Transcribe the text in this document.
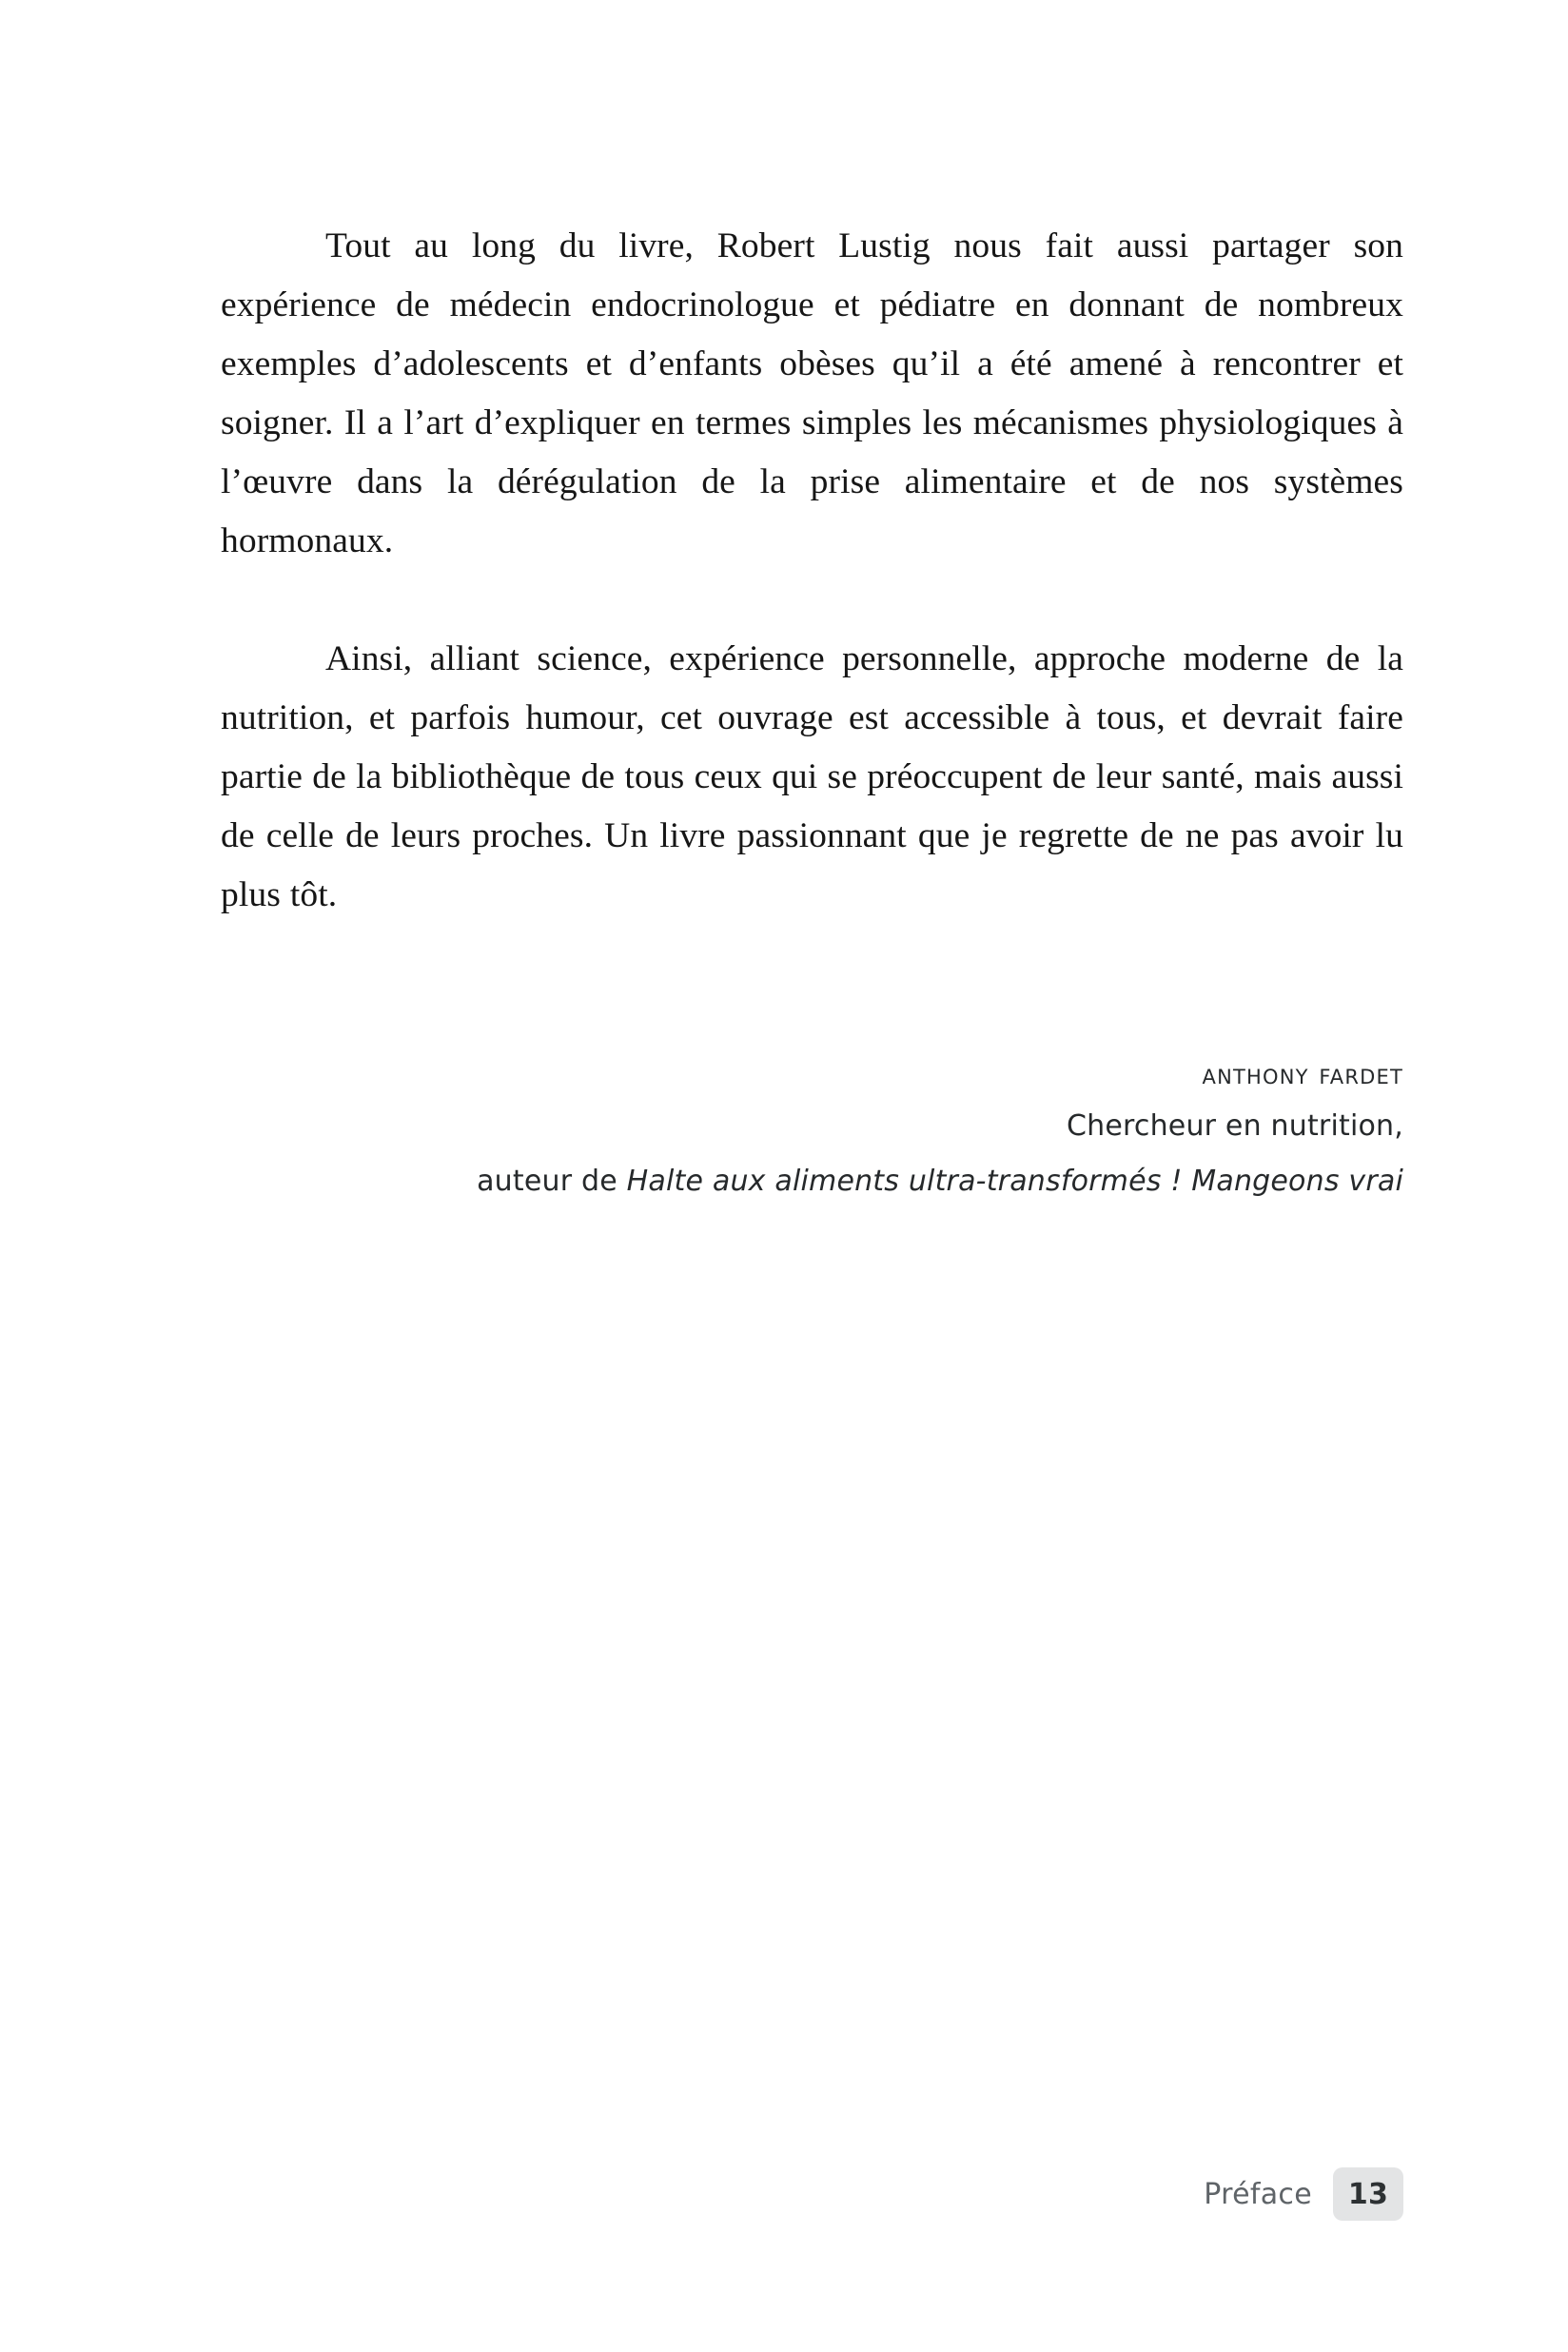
Tout au long du livre, Robert Lustig nous fait aussi partager son expérience de médecin endocrinologue et pédiatre en donnant de nombreux exemples d’adolescents et d’enfants obèses qu’il a été amené à rencontrer et soigner. Il a l’art d’expliquer en termes simples les mécanismes physiologiques à l’œuvre dans la dérégulation de la prise alimentaire et de nos systèmes hormonaux.

Ainsi, alliant science, expérience personnelle, approche moderne de la nutrition, et parfois humour, cet ouvrage est accessible à tous, et devrait faire partie de la bibliothèque de tous ceux qui se préoccupent de leur santé, mais aussi de celle de leurs proches. Un livre passionnant que je regrette de ne pas avoir lu plus tôt.

anthony fardet
Chercheur en nutrition,
auteur de Halte aux aliments ultra-transformés ! Mangeons vrai
Préface 13
